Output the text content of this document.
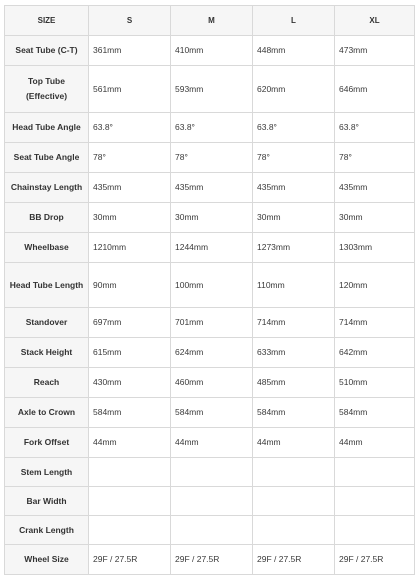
SIZE	S	M	L	XL
Seat Tube (C-T)	361mm	410mm	448mm	473mm
Top Tube (Effective)	561mm	593mm	620mm	646mm
Head Tube Angle	63.8°	63.8°	63.8°	63.8°
Seat Tube Angle	78°	78°	78°	78°
Chainstay Length	435mm	435mm	435mm	435mm
BB Drop	30mm	30mm	30mm	30mm
Wheelbase	1210mm	1244mm	1273mm	1303mm
Head Tube Length	90mm	100mm	110mm	120mm
Standover	697mm	701mm	714mm	714mm
Stack Height	615mm	624mm	633mm	642mm
Reach	430mm	460mm	485mm	510mm
Axle to Crown	584mm	584mm	584mm	584mm
Fork Offset	44mm	44mm	44mm	44mm
Stem Length				
Bar Width				
Crank Length				
Wheel Size	29F / 27.5R	29F / 27.5R	29F / 27.5R	29F / 27.5R
